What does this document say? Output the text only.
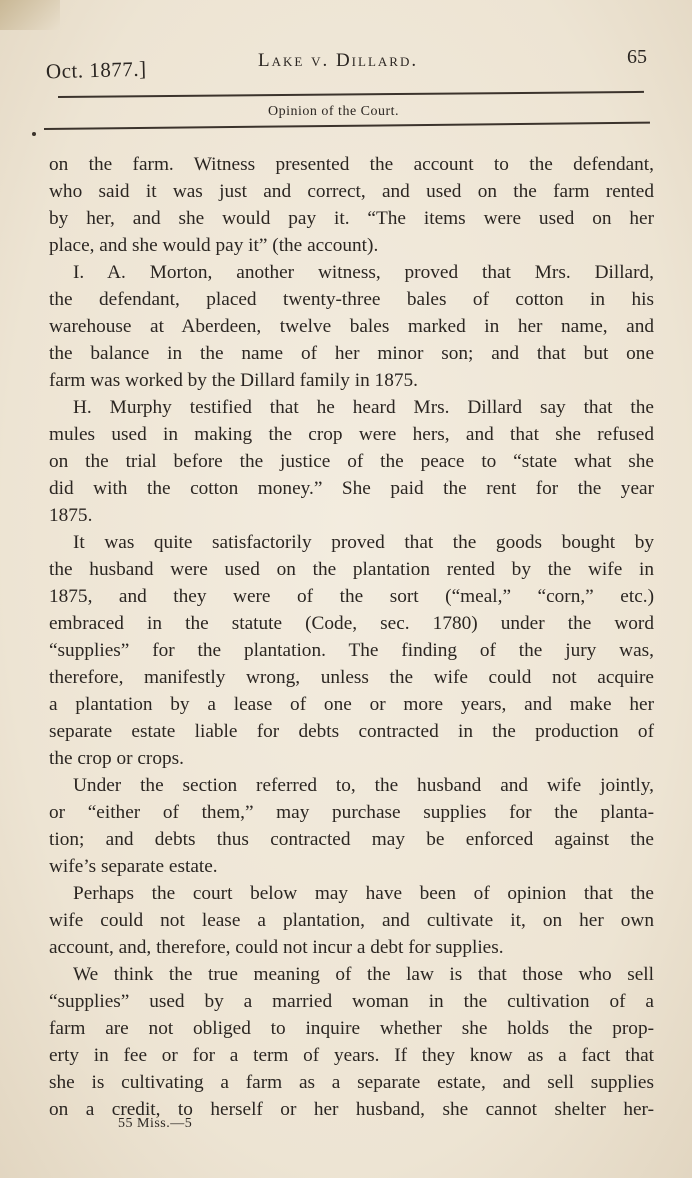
Oct. 1877.]	Lake v. Dillard.	65
Opinion of the Court.
on the farm. Witness presented the account to the defendant,
who said it was just and correct, and used on the farm rented
by her, and she would pay it. “The items were used on her
place, and she would pay it” (the account).
I. A. Morton, another witness, proved that Mrs. Dillard,
the defendant, placed twenty-three bales of cotton in his
warehouse at Aberdeen, twelve bales marked in her name, and
the balance in the name of her minor son; and that but one
farm was worked by the Dillard family in 1875.
H. Murphy testified that he heard Mrs. Dillard say that the
mules used in making the crop were hers, and that she refused
on the trial before the justice of the peace to “state what she
did with the cotton money.” She paid the rent for the year
1875.
It was quite satisfactorily proved that the goods bought by
the husband were used on the plantation rented by the wife in
1875, and they were of the sort (“meal,” “corn,” etc.)
embraced in the statute (Code, sec. 1780) under the word
“supplies” for the plantation. The finding of the jury was,
therefore, manifestly wrong, unless the wife could not acquire
a plantation by a lease of one or more years, and make her
separate estate liable for debts contracted in the production of
the crop or crops.
Under the section referred to, the husband and wife jointly,
or “either of them,” may purchase supplies for the planta-
tion; and debts thus contracted may be enforced against the
wife’s separate estate.
Perhaps the court below may have been of opinion that the
wife could not lease a plantation, and cultivate it, on her own
account, and, therefore, could not incur a debt for supplies.
We think the true meaning of the law is that those who sell
“supplies” used by a married woman in the cultivation of a
farm are not obliged to inquire whether she holds the prop-
erty in fee or for a term of years. If they know as a fact that
she is cultivating a farm as a separate estate, and sell supplies
on a credit, to herself or her husband, she cannot shelter her-
55 Miss.—5
